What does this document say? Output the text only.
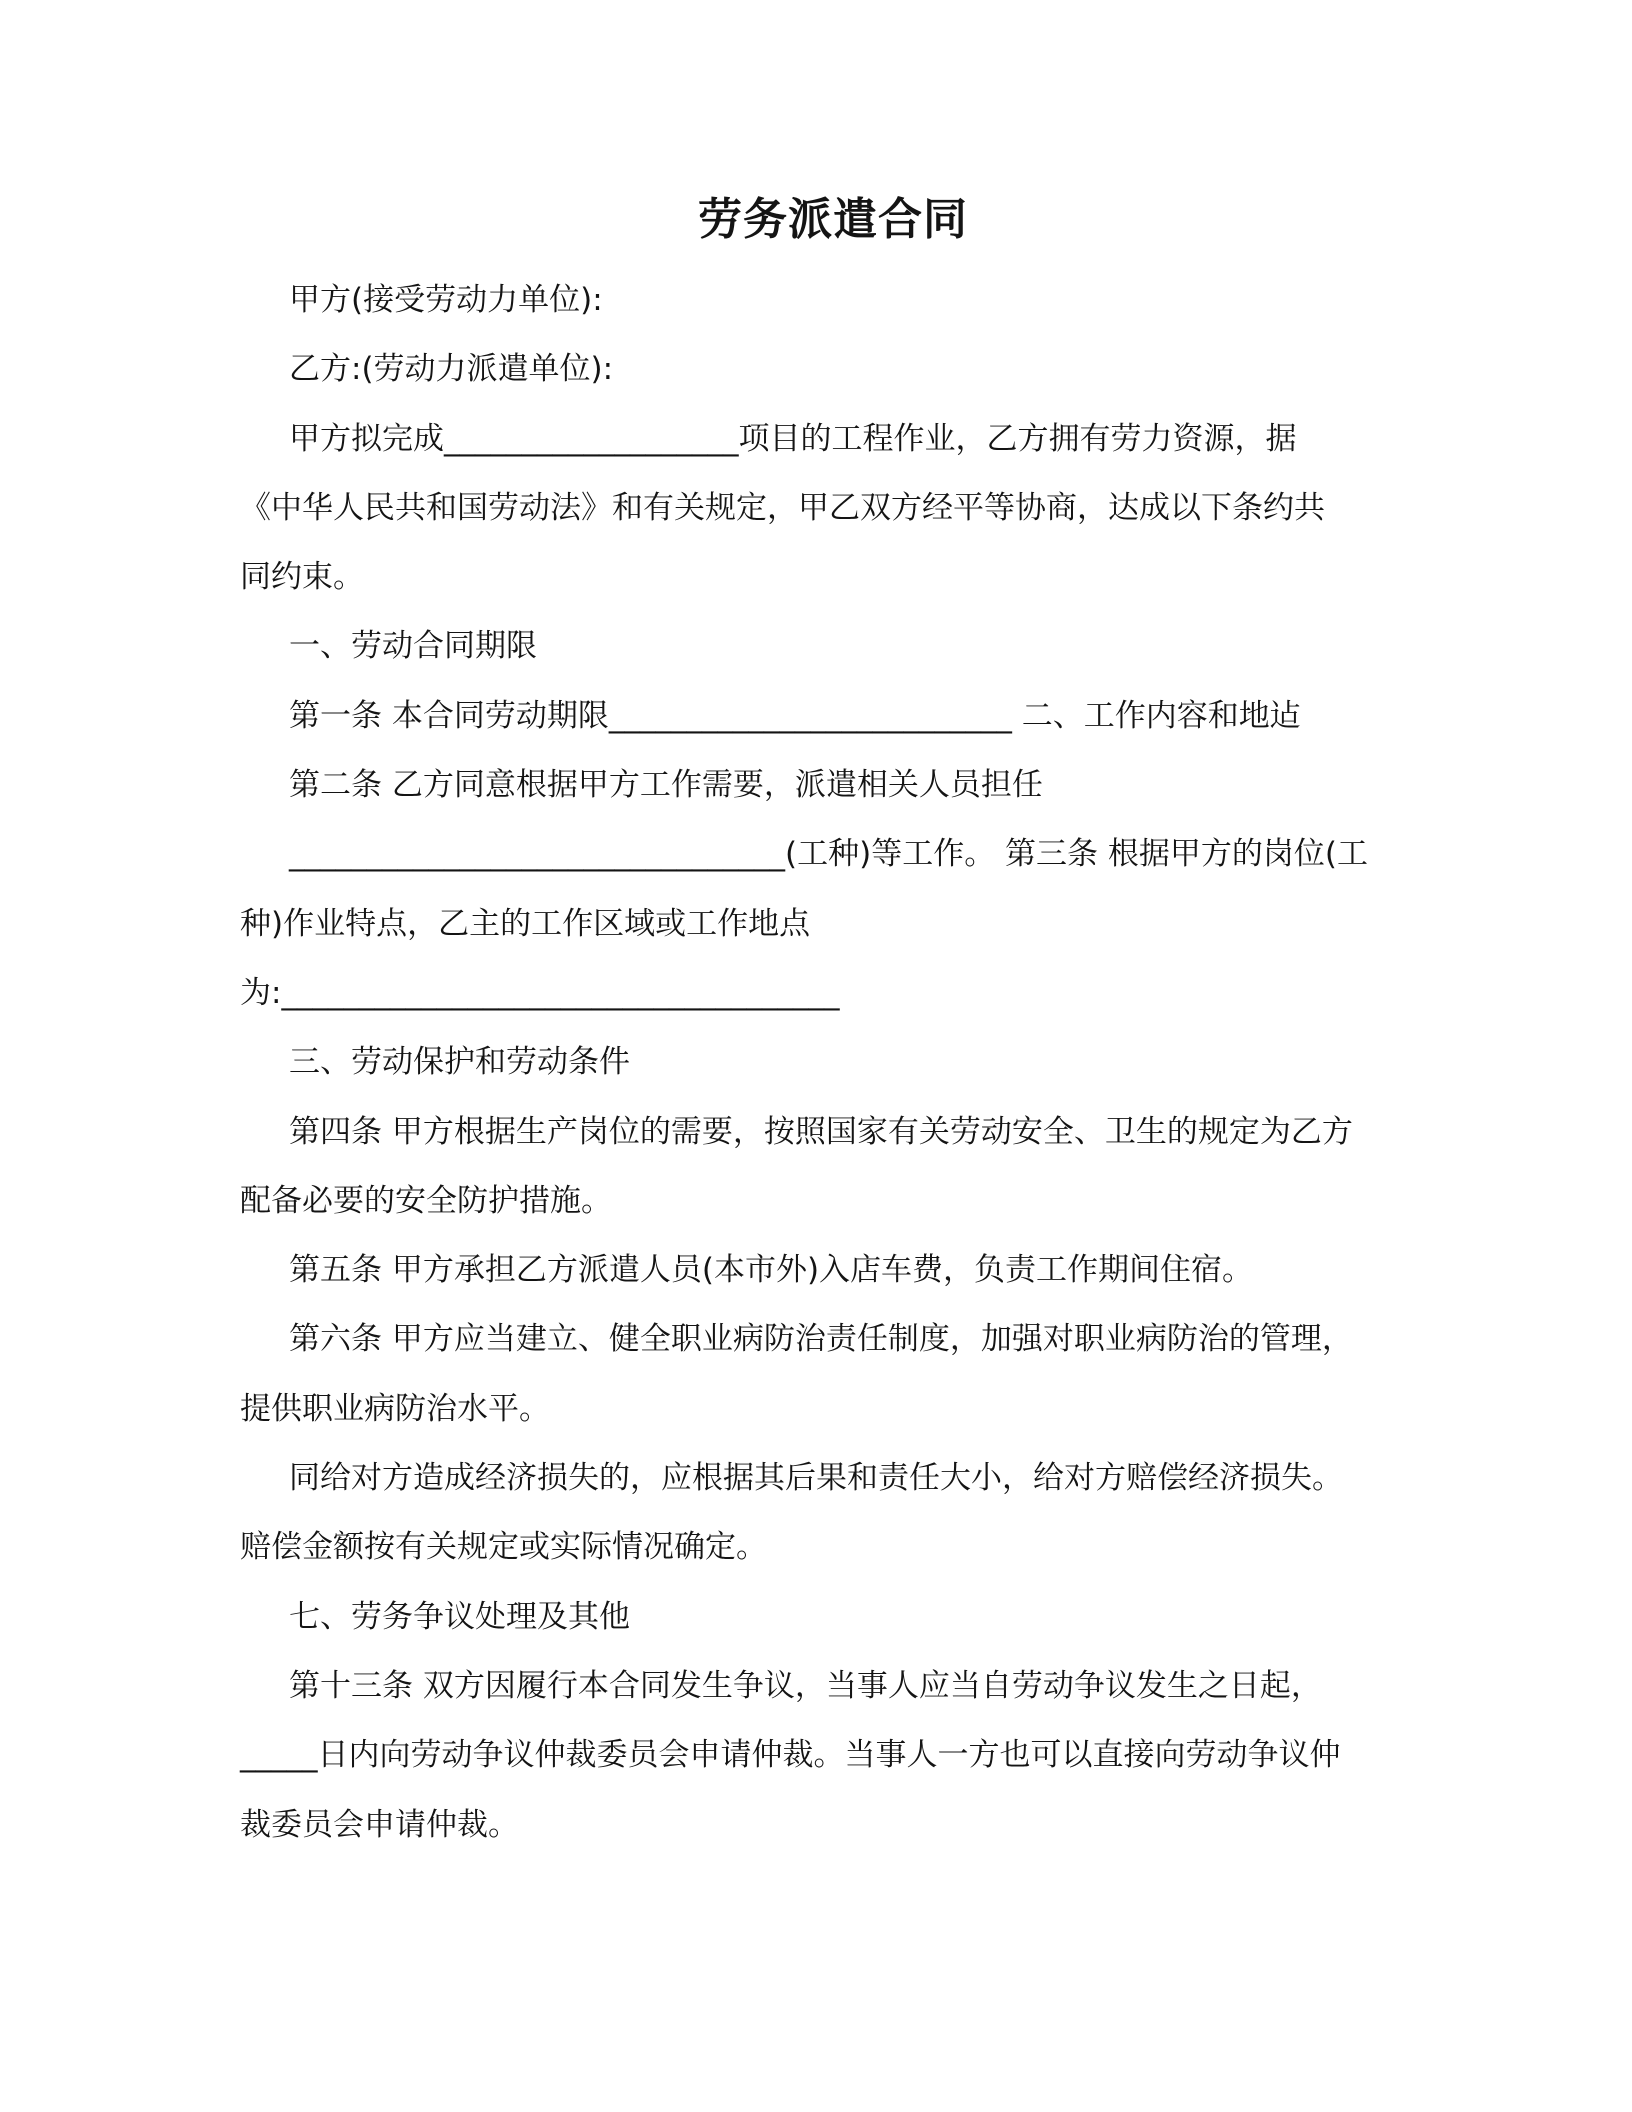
劳务派遣合同
甲方(接受劳动力单位):
乙方:(劳动力派遣单位):
甲方拟完成___________________项目的工程作业，乙方拥有劳力资源，据
《中华人民共和国劳动法》和有关规定，甲乙双方经平等协商，达成以下条约共
同约束。
一、劳动合同期限
第一条 本合同劳动期限__________________________ 二、工作内容和地迠
第二条 乙方同意根据甲方工作需要，派遣相关人员担任
________________________________(工种)等工作。 第三条 根据甲方的岗位(工
种)作业特点，乙主的工作区域或工作地点
为:____________________________________
三、劳动保护和劳动条件
第四条 甲方根据生产岗位的需要，按照国家有关劳动安全、卫生的规定为乙方
配备必要的安全防护措施。
第五条 甲方承担乙方派遣人员(本市外)入店车费，负责工作期间住宿。
第六条 甲方应当建立、健全职业病防治责任制度，加强对职业病防治的管理，
提供职业病防治水平。
同给对方造成经济损失的，应根据其后果和责任大小，给对方赔偿经济损失。
赔偿金额按有关规定或实际情况确定。
七、劳务争议处理及其他
第十三条 双方因履行本合同发生争议，当事人应当自劳动争议发生之日起，
_____日内向劳动争议仲裁委员会申请仲裁。当事人一方也可以直接向劳动争议仲
裁委员会申请仲裁。
